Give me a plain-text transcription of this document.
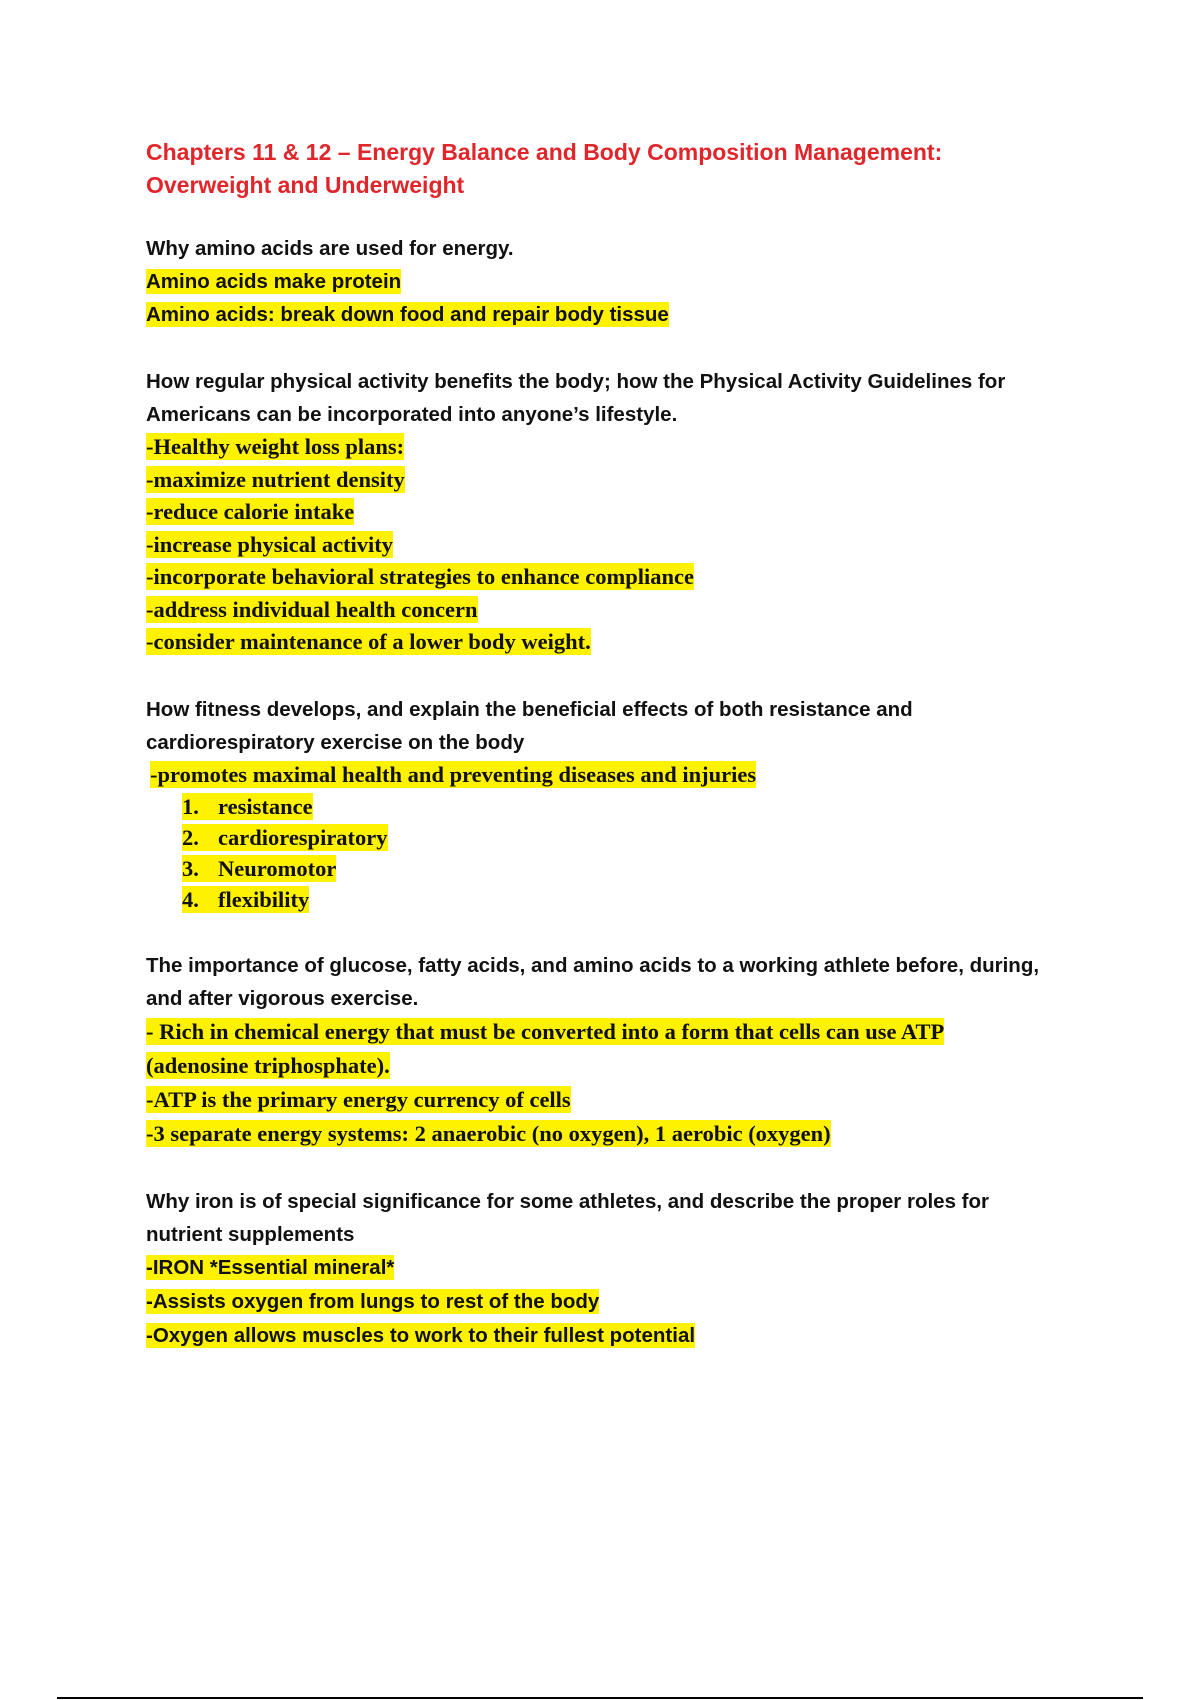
Chapters 11 & 12 – Energy Balance and Body Composition Management:
Overweight and Underweight

Why amino acids are used for energy.

Amino acids make protein

Amino acids: break down food and repair body tissue

How regular physical activity benefits the body; how the Physical Activity Guidelines for

Americans can be incorporated into anyone’s lifestyle.

-Healthy weight loss plans:

-maximize nutrient density

-reduce calorie intake

-increase physical activity

-incorporate behavioral strategies to enhance compliance

-address individual health concern

-consider maintenance of a lower body weight.

How fitness develops, and explain the beneficial effects of both resistance and

cardiorespiratory exercise on the body

-promotes maximal health and preventing diseases and injuries

1. resistance
2. cardiorespiratory
3. Neuromotor
4. flexibility

The importance of glucose, fatty acids, and amino acids to a working athlete before, during,

and after vigorous exercise.

- Rich in chemical energy that must be converted into a form that cells can use ATP

(adenosine triphosphate).

-ATP is the primary energy currency of cells

-3 separate energy systems: 2 anaerobic (no oxygen), 1 aerobic (oxygen)

Why iron is of special significance for some athletes, and describe the proper roles for

nutrient supplements

-IRON *Essential mineral*

-Assists oxygen from lungs to rest of the body

-Oxygen allows muscles to work to their fullest potential
